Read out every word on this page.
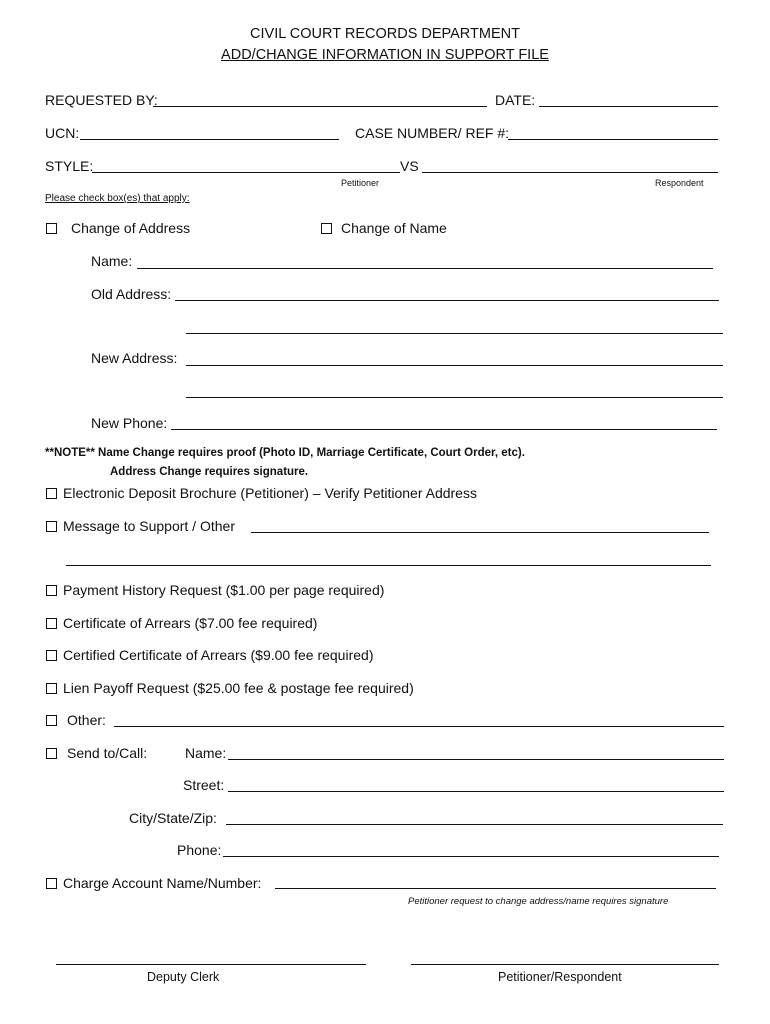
CIVIL COURT RECORDS DEPARTMENT
ADD/CHANGE INFORMATION IN SUPPORT FILE
REQUESTED BY:	DATE:
UCN:	CASE NUMBER/ REF #:
STYLE:	VS
Petitioner	Respondent
Please check box(es) that apply:
Change of Address	Change of Name
Name:
Old Address:
New Address:
New Phone:
**NOTE** Name Change requires proof (Photo ID, Marriage Certificate, Court Order, etc).
Address Change requires signature.
Electronic Deposit Brochure (Petitioner) – Verify Petitioner Address
Message to Support / Other
Payment History Request ($1.00 per page required)
Certificate of Arrears ($7.00 fee required)
Certified Certificate of Arrears ($9.00 fee required)
Lien Payoff Request ($25.00 fee & postage fee required)
Other:
Send to/Call:	Name:
Street:
City/State/Zip:
Phone:
Charge Account Name/Number:
Petitioner request to change address/name requires signature
Deputy Clerk	Petitioner/Respondent
